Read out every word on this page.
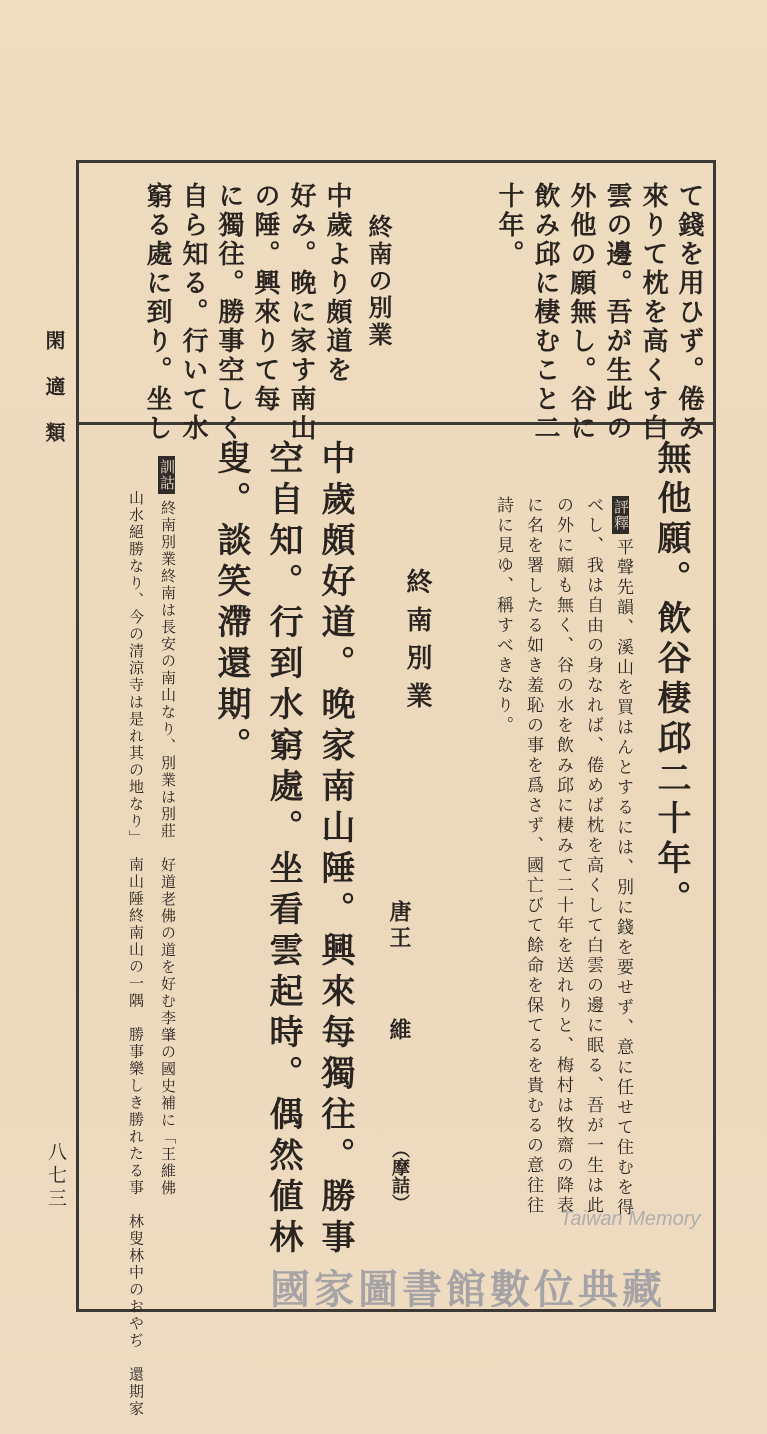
閑適類
八七三
て錢を用ひず。倦み
來りて枕を高くす白
雲の邊。吾が生此の
外他の願無し。谷に
飲み邱に棲むこと二
十年。
終南の別業
中歲より頗道を
好み。晚に家す南山
の陲。興來りて每
に獨往。勝事空しく
自ら知る。行いて水
窮る處に到り。坐し
無他願。飲谷棲邱二十年。
評釋
平聲先韻、溪山を買はんとするには、別に錢を要せず、意に任せて住むを得
べし、我は自由の身なれば、倦めば枕を高くして白雲の邊に眠る、吾が一生は此
の外に願も無く、谷の水を飲み邱に棲みて二十年を送れりと、梅村は牧齋の降表
に名を署したる如き羞恥の事を爲さず、國亡びて餘命を保てるを貴むるの意往往
詩に見ゆ、稱すべきなり。
終南別業
唐
王維
（摩詰）
中歲頗好道。晚家南山陲。興來每獨往。勝事
空自知。行到水窮處。坐看雲起時。偶然値林
叟。談笑滯還期。
訓詁
終南別業終南は長安の南山なり、別業は別莊　好道老佛の道を好む李肇の國史補に「王維佛
山水絕勝なり、今の清涼寺は是れ其の地なり」　南山陲終南山の一隅　勝事樂しき勝れたる事　林叟林中のおやぢ　還期家	Taiwan Memory
國家圖書館數位典藏
